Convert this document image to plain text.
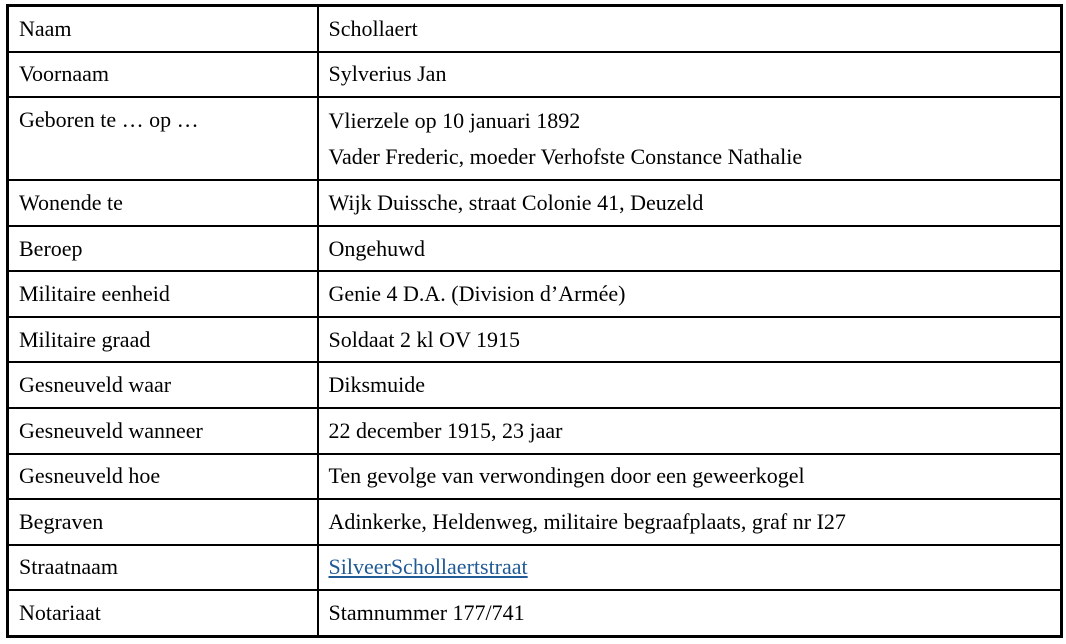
Naam	Schollaert
Voornaam	Sylverius Jan
Geboren te … op …	Vlierzele op 10 januari 1892
Vader Frederic, moeder Verhofste Constance Nathalie

Wonende te	Wijk Duissche, straat Colonie 41, Deuzeld
Beroep	Ongehuwd
Militaire eenheid	Genie 4 D.A. (Division d’Armée)
Militaire graad	Soldaat 2 kl OV 1915
Gesneuveld waar	Diksmuide
Gesneuveld wanneer	22 december 1915, 23 jaar
Gesneuveld hoe	Ten gevolge van verwondingen door een geweerkogel
Begraven	Adinkerke, Heldenweg, militaire begraafplaats, graf nr I27
Straatnaam	SilveerSchollaertstraat
Notariaat	Stamnummer 177/741
